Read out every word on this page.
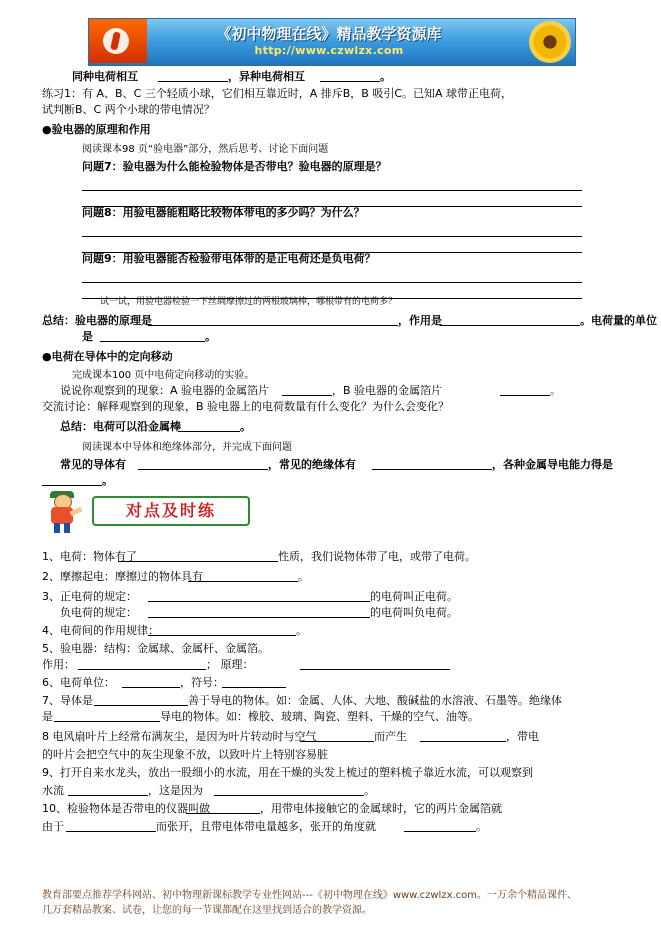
《初中物理在线》精品教学资源库
http://www.czwlzx.com
同种电荷相互	，异种电荷相互	。
练习1：有 A、B、C 三个轻质小球，它们相互靠近时，A 排斥B，B 吸引C。已知A 球带正电荷，
试判断B、C 两个小球的带电情况？
●验电器的原理和作用
阅读课本98 页“验电器”部分，然后思考、讨论下面问题
问题7：验电器为什么能检验物体是否带电？验电器的原理是？
问题8：用验电器能粗略比较物体带电的多少吗？为什么？
问题9：用验电器能否检验带电体带的是正电荷还是负电荷？
试一试，用验电器检验一下丝绸摩擦过的两根玻璃棒，哪根带有的电荷多？
总结：验电器的原理是	，作用是	。电荷量的单位
是	。
●电荷在导体中的定向移动
完成课本100 页中电荷定向移动的实验。
说说你观察到的现象：A 验电器的金属箔片	，B 验电器的金属箔片	。
交流讨论：解释观察到的现象，B 验电器上的电荷数量有什么变化？为什么会变化？
总结：电荷可以沿金属棒	。
阅读课本中导体和绝缘体部分，并完成下面问题
常见的导体有	，常见的绝缘体有	，各种金属导电能力得是
。
对点及时练
1、电荷：物体有了	性质，我们说物体带了电，或带了电荷。
2、摩擦起电：摩擦过的物体具有	。
3、正电荷的规定：	的电荷叫正电荷。
负电荷的规定：	的电荷叫负电荷。
4、电荷间的作用规律：	。
5、验电器：结构：金属球、金属杆、金属箔。
作用：	； 原理：
6、电荷单位：	，符号：
7、导体是	善于导电的物体。如：金属、人体、大地、酸碱盐的水溶液、石墨等。绝缘体
是	导电的物体。如：橡胶、玻璃、陶瓷、塑料、干燥的空气、油等。
8 电风扇叶片上经常布满灰尘，是因为叶片转动时与空气	而产生	，带电
的叶片会把空气中的灰尘现象不放，以致叶片上特别容易脏
9、打开自来水龙头，放出一股细小的水流，用在干燥的头发上梳过的塑料梳子靠近水流，可以观察到
水流	，这是因为	。
10、检验物体是否带电的仪器叫做	，用带电体接触它的金属球时，它的两片金属箔就
由于	而张开，且带电体带电量越多，张开的角度就	。
教育部要点推荐学科网站、初中物理新课标教学专业性网站---《初中物理在线》www.czwlzx.com。一万余个精品课件、
几万套精品教案、试卷，让您的每一节课都配在这里找到适合的教学资源。
